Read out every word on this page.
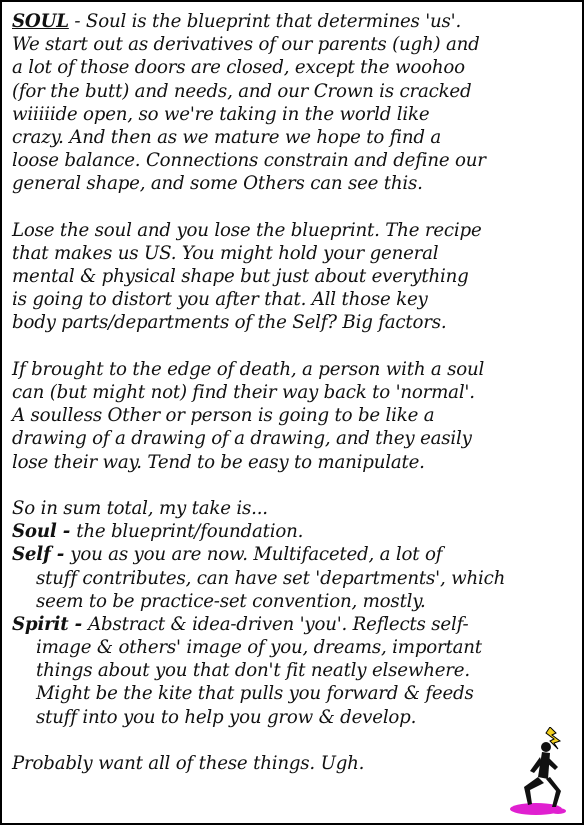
SOUL - Soul is the blueprint that determines 'us'.
We start out as derivatives of our parents (ugh) and
a lot of those doors are closed, except the woohoo
(for the butt) and needs, and our Crown is cracked
wiiiiide open, so we're taking in the world like
crazy. And then as we mature we hope to find a
loose balance. Connections constrain and define our
general shape, and some Others can see this.
Lose the soul and you lose the blueprint. The recipe
that makes us US. You might hold your general
mental & physical shape but just about everything
is going to distort you after that. All those key
body parts/departments of the Self? Big factors.
If brought to the edge of death, a person with a soul
can (but might not) find their way back to 'normal'.
A soulless Other or person is going to be like a
drawing of a drawing of a drawing, and they easily
lose their way. Tend to be easy to manipulate.
So in sum total, my take is...
Soul - the blueprint/foundation.
Self - you as you are now. Multifaceted, a lot of
stuff contributes, can have set 'departments', which
seem to be practice-set convention, mostly.
Spirit - Abstract & idea-driven 'you'. Reflects self-
image & others' image of you, dreams, important
things about you that don't fit neatly elsewhere.
Might be the kite that pulls you forward & feeds
stuff into you to help you grow & develop.
Probably want all of these things. Ugh.
